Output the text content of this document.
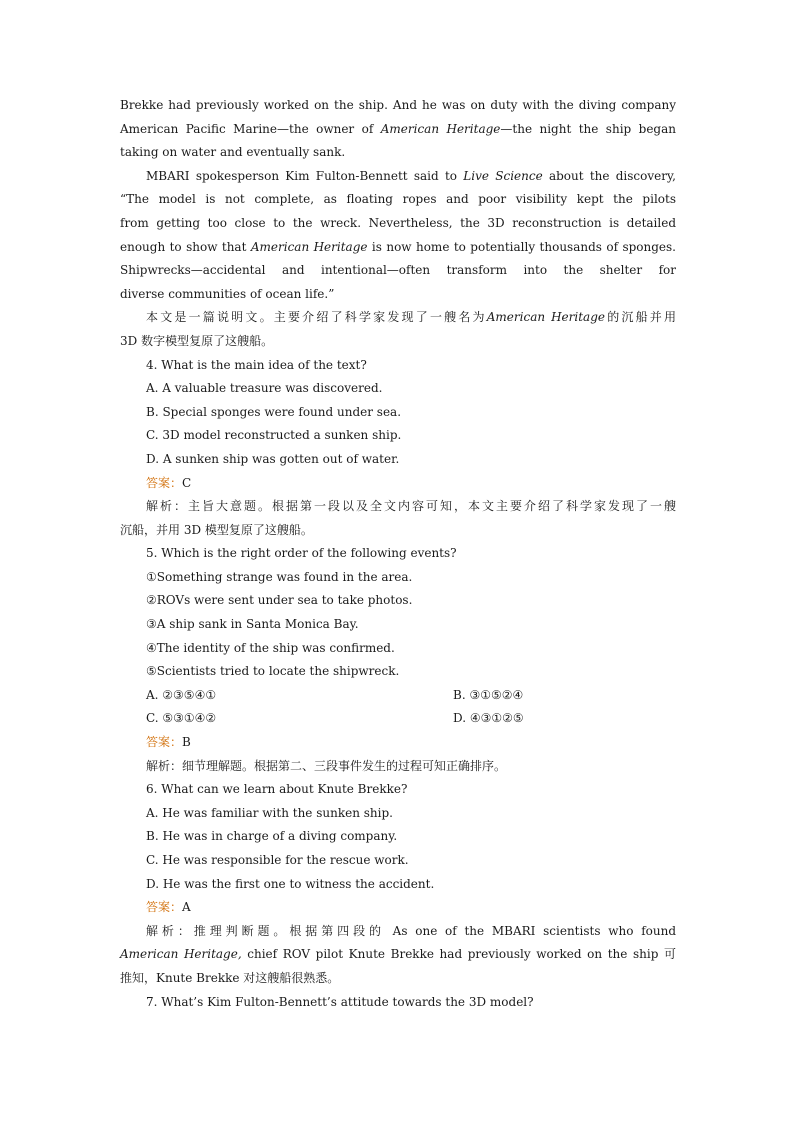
Brekke had previously worked on the ship. And he was on duty with the diving company
American Pacific Marine—the owner of American Heritage—the night the ship began
taking on water and eventually sank.
MBARI spokesperson Kim Fulton-Bennett said to Live Science about the discovery,
“The model is not complete, as floating ropes and poor visibility kept the pilots
from getting too close to the wreck. Nevertheless, the 3D reconstruction is detailed
enough to show that American Heritage is now home to potentially thousands of sponges.
Shipwrecks—accidental and intentional—often transform into the shelter for
diverse communities of ocean life.”
本文是一篇说明文。主要介绍了科学家发现了一艘名为American Heritage的沉船并用
3D 数字模型复原了这艘船。
4. What is the main idea of the text?
A. A valuable treasure was discovered.
B. Special sponges were found under sea.
C. 3D model reconstructed a sunken ship.
D. A sunken ship was gotten out of water.
答案：C
解析：主旨大意题。根据第一段以及全文内容可知，本文主要介绍了科学家发现了一艘
沉船，并用 3D 模型复原了这艘船。
5. Which is the right order of the following events?
①Something strange was found in the area.
②ROVs were sent under sea to take photos.
③A ship sank in Santa Monica Bay.
④The identity of the ship was confirmed.
⑤Scientists tried to locate the shipwreck.
A. ②③⑤④①	B. ③①⑤②④
C. ⑤③①④②	D. ④③①②⑤
答案：B
解析：细节理解题。根据第二、三段事件发生的过程可知正确排序。
6. What can we learn about Knute Brekke?
A. He was familiar with the sunken ship.
B. He was in charge of a diving company.
C. He was responsible for the rescue work.
D. He was the first one to witness the accident.
答案：A
解析：推理判断题。根据第四段的 As one of the MBARI scientists who found
American Heritage, chief ROV pilot Knute Brekke had previously worked on the ship 可
推知，Knute Brekke 对这艘船很熟悉。
7. What’s Kim Fulton-Bennett’s attitude towards the 3D model?
